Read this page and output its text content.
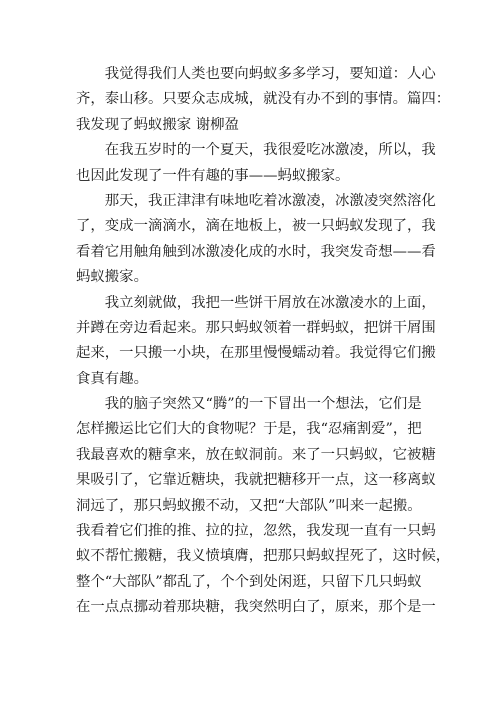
　　我觉得我们人类也要向蚂蚁多多学习，要知道：人心
齐，泰山移。只要众志成城，就没有办不到的事情。篇四：
我发现了蚂蚁搬家 谢柳盈
　　在我五岁时的一个夏天，我很爱吃冰激凌，所以，我
也因此发现了一件有趣的事——蚂蚁搬家。
　　那天，我正津津有味地吃着冰激凌，冰激凌突然溶化
了，变成一滴滴水，滴在地板上，被一只蚂蚁发现了，我
看着它用触角触到冰激凌化成的水时，我突发奇想——看
蚂蚁搬家。
　　我立刻就做，我把一些饼干屑放在冰激凌水的上面，
并蹲在旁边看起来。那只蚂蚁领着一群蚂蚁，把饼干屑围
起来，一只搬一小块，在那里慢慢蠕动着。我觉得它们搬
食真有趣。
　　我的脑子突然又“腾”的一下冒出一个想法，它们是
怎样搬运比它们大的食物呢？于是，我“忍痛割爱”，把
我最喜欢的糖拿来，放在蚁洞前。来了一只蚂蚁，它被糖
果吸引了，它靠近糖块，我就把糖移开一点，这一移离蚁
洞远了，那只蚂蚁搬不动，又把“大部队”叫来一起搬。
我看着它们推的推、拉的拉，忽然，我发现一直有一只蚂
蚁不帮忙搬糖，我义愤填膺，把那只蚂蚁捏死了，这时候，
整个“大部队”都乱了，个个到处闲逛，只留下几只蚂蚁
在一点点挪动着那块糖，我突然明白了，原来，那个是一
